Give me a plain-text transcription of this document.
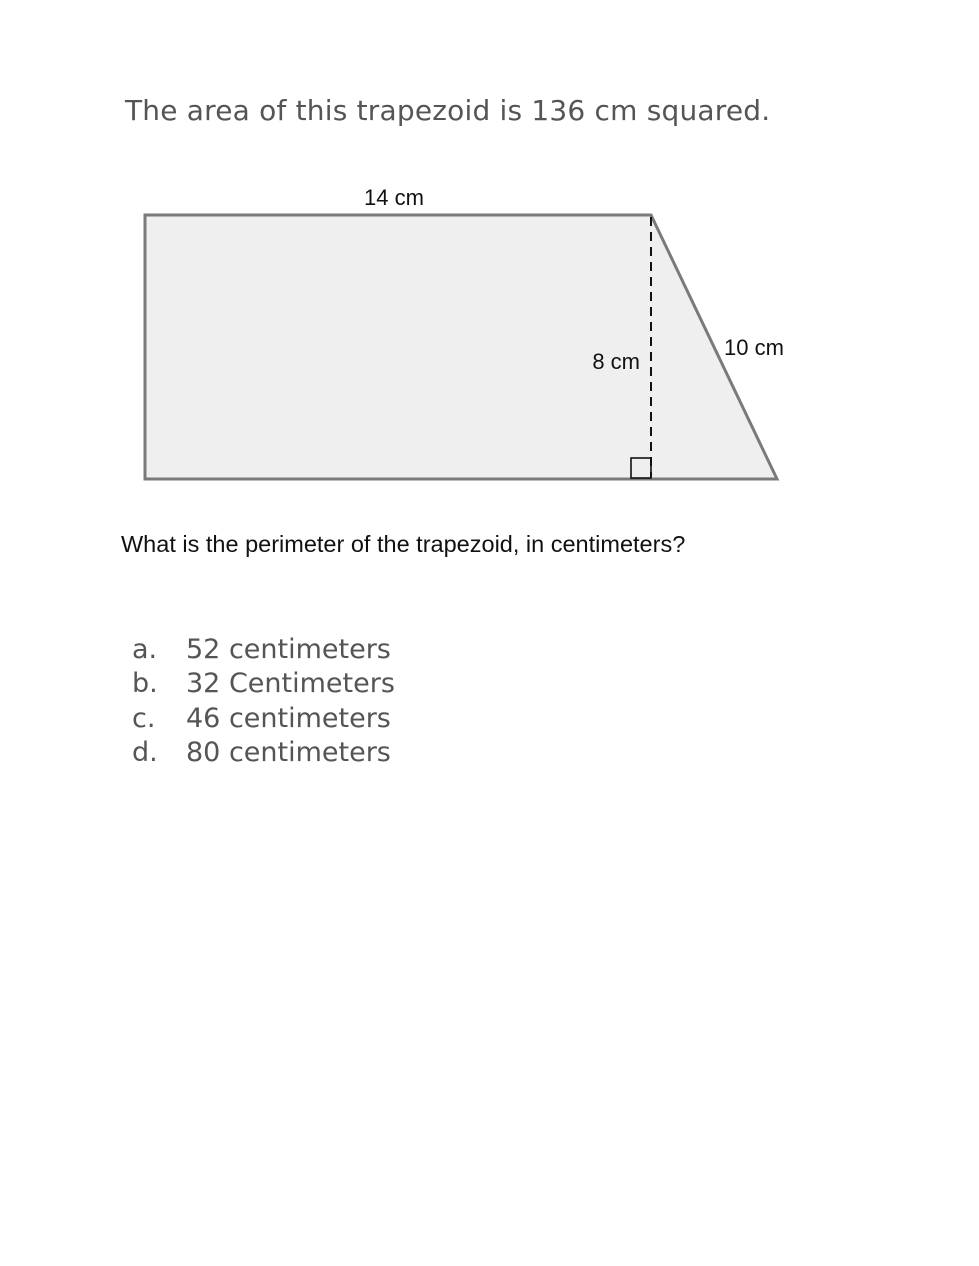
The area of this trapezoid is 136 cm squared.
14 cm
8 cm
10 cm
What is the perimeter of the trapezoid, in centimeters?
a.	52 centimeters
b.	32 Centimeters
c.	46 centimeters
d.	80 centimeters
